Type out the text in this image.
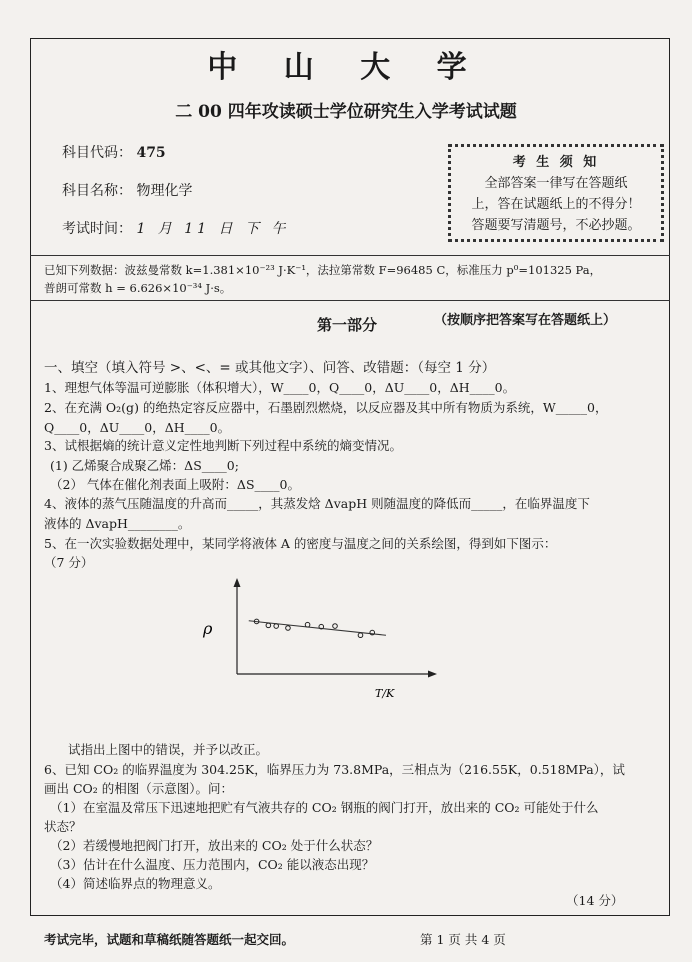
中 山 大 学
二 00 四年攻读硕士学位研究生入学考试试题
科目代码： 475
科目名称： 物理化学
考试时间： 1 月 11 日 下 午
考 生 须 知
全部答案一律写在答题纸
上，答在试题纸上的不得分！
答题要写清题号，不必抄题。
已知下列数据：波兹曼常数 k=1.381×10⁻²³ J·K⁻¹，法拉第常数 F=96485 C，标准压力 p⁰=101325 Pa，
普朗可常数 h = 6.626×10⁻³⁴ J·s。
第一部分	（按顺序把答案写在答题纸上）
一、填空（填入符号 >、<、= 或其他文字）、问答、改错题：（每空 1 分）
1、理想气体等温可逆膨胀（体积增大），W____0，Q____0，ΔU____0，ΔH____0。
2、在充满 O₂(g) 的绝热定容反应器中，石墨剧烈燃烧，以反应器及其中所有物质为系统，W_____0，
Q____0，ΔU____0，ΔH____0。
3、试根据熵的统计意义定性地判断下列过程中系统的熵变情况。
(1) 乙烯聚合成聚乙烯：ΔS____0;
（2） 气体在催化剂表面上吸附：ΔS____0。
4、液体的蒸气压随温度的升高而_____，其蒸发焓 ΔvapH 则随温度的降低而_____，在临界温度下
液体的 ΔvapH________。
5、在一次实验数据处理中，某同学将液体 A 的密度与温度之间的关系绘图，得到如下图示：
（7 分）
ρ
T/K
试指出上图中的错误，并予以改正。
6、已知 CO₂ 的临界温度为 304.25K，临界压力为 73.8MPa，三相点为（216.55K，0.518MPa），试
画出 CO₂ 的相图（示意图）。问：
（1）在室温及常压下迅速地把贮有气液共存的 CO₂ 钢瓶的阀门打开，放出来的 CO₂ 可能处于什么
状态？
（2）若缓慢地把阀门打开，放出来的 CO₂ 处于什么状态？
（3）估计在什么温度、压力范围内，CO₂ 能以液态出现？
（4）简述临界点的物理意义。
（14 分）
考试完毕，试题和草稿纸随答题纸一起交回。	第 1 页 共 4 页
